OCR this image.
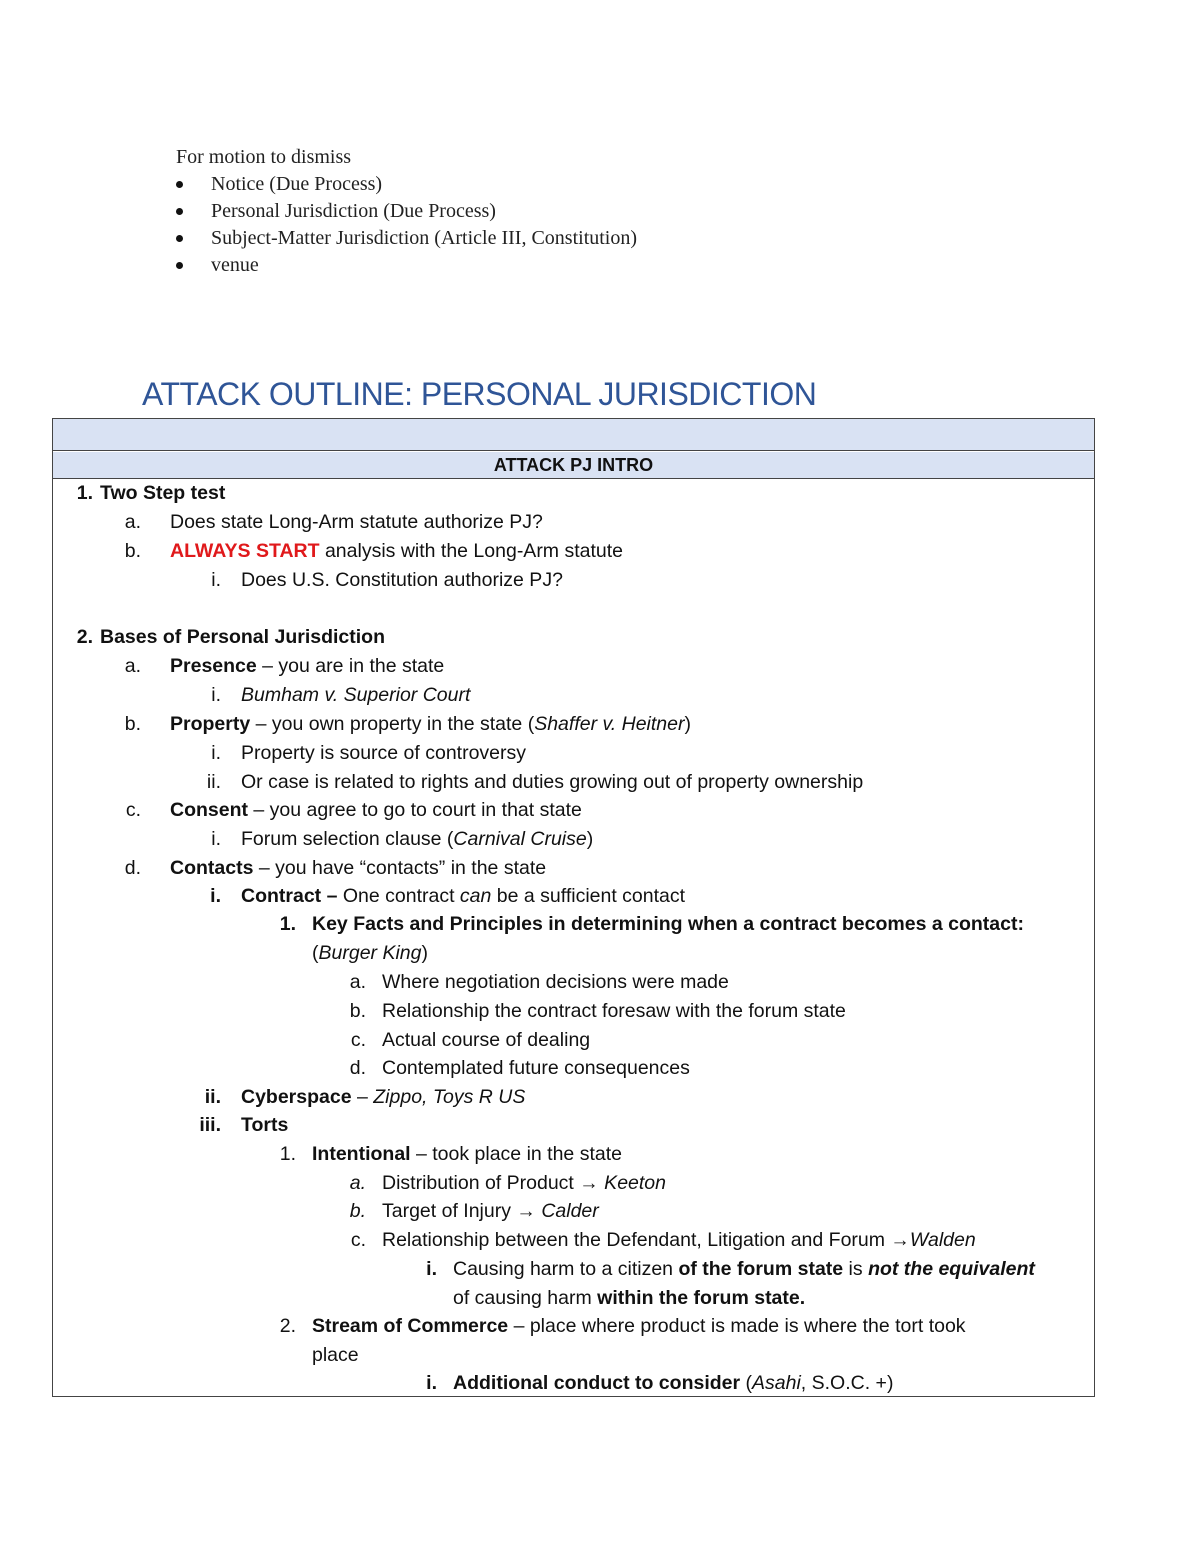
For motion to dismiss
Notice (Due Process)
Personal Jurisdiction (Due Process)
Subject-Matter Jurisdiction (Article III, Constitution)
venue
ATTACK OUTLINE: PERSONAL JURISDICTION
ATTACK PJ INTRO
1. Two Step test
a. Does state Long-Arm statute authorize PJ?
b. ALWAYS START analysis with the Long-Arm statute
i. Does U.S. Constitution authorize PJ?
2. Bases of Personal Jurisdiction
a. Presence – you are in the state
i. Bumham v. Superior Court
b. Property – you own property in the state (Shaffer v. Heitner)
i. Property is source of controversy
ii. Or case is related to rights and duties growing out of property ownership
c. Consent – you agree to go to court in that state
i. Forum selection clause (Carnival Cruise)
d. Contacts – you have “contacts” in the state
i. Contract – One contract can be a sufficient contact
1. Key Facts and Principles in determining when a contract becomes a contact:
(Burger King)
a. Where negotiation decisions were made
b. Relationship the contract foresaw with the forum state
c. Actual course of dealing
d. Contemplated future consequences
ii. Cyberspace – Zippo, Toys R US
iii. Torts
1. Intentional – took place in the state
a. Distribution of Product → Keeton
b. Target of Injury → Calder
c. Relationship between the Defendant, Litigation and Forum →Walden
i. Causing harm to a citizen of the forum state is not the equivalent
of causing harm within the forum state.
2. Stream of Commerce – place where product is made is where the tort took
place
i. Additional conduct to consider (Asahi, S.O.C. +)
